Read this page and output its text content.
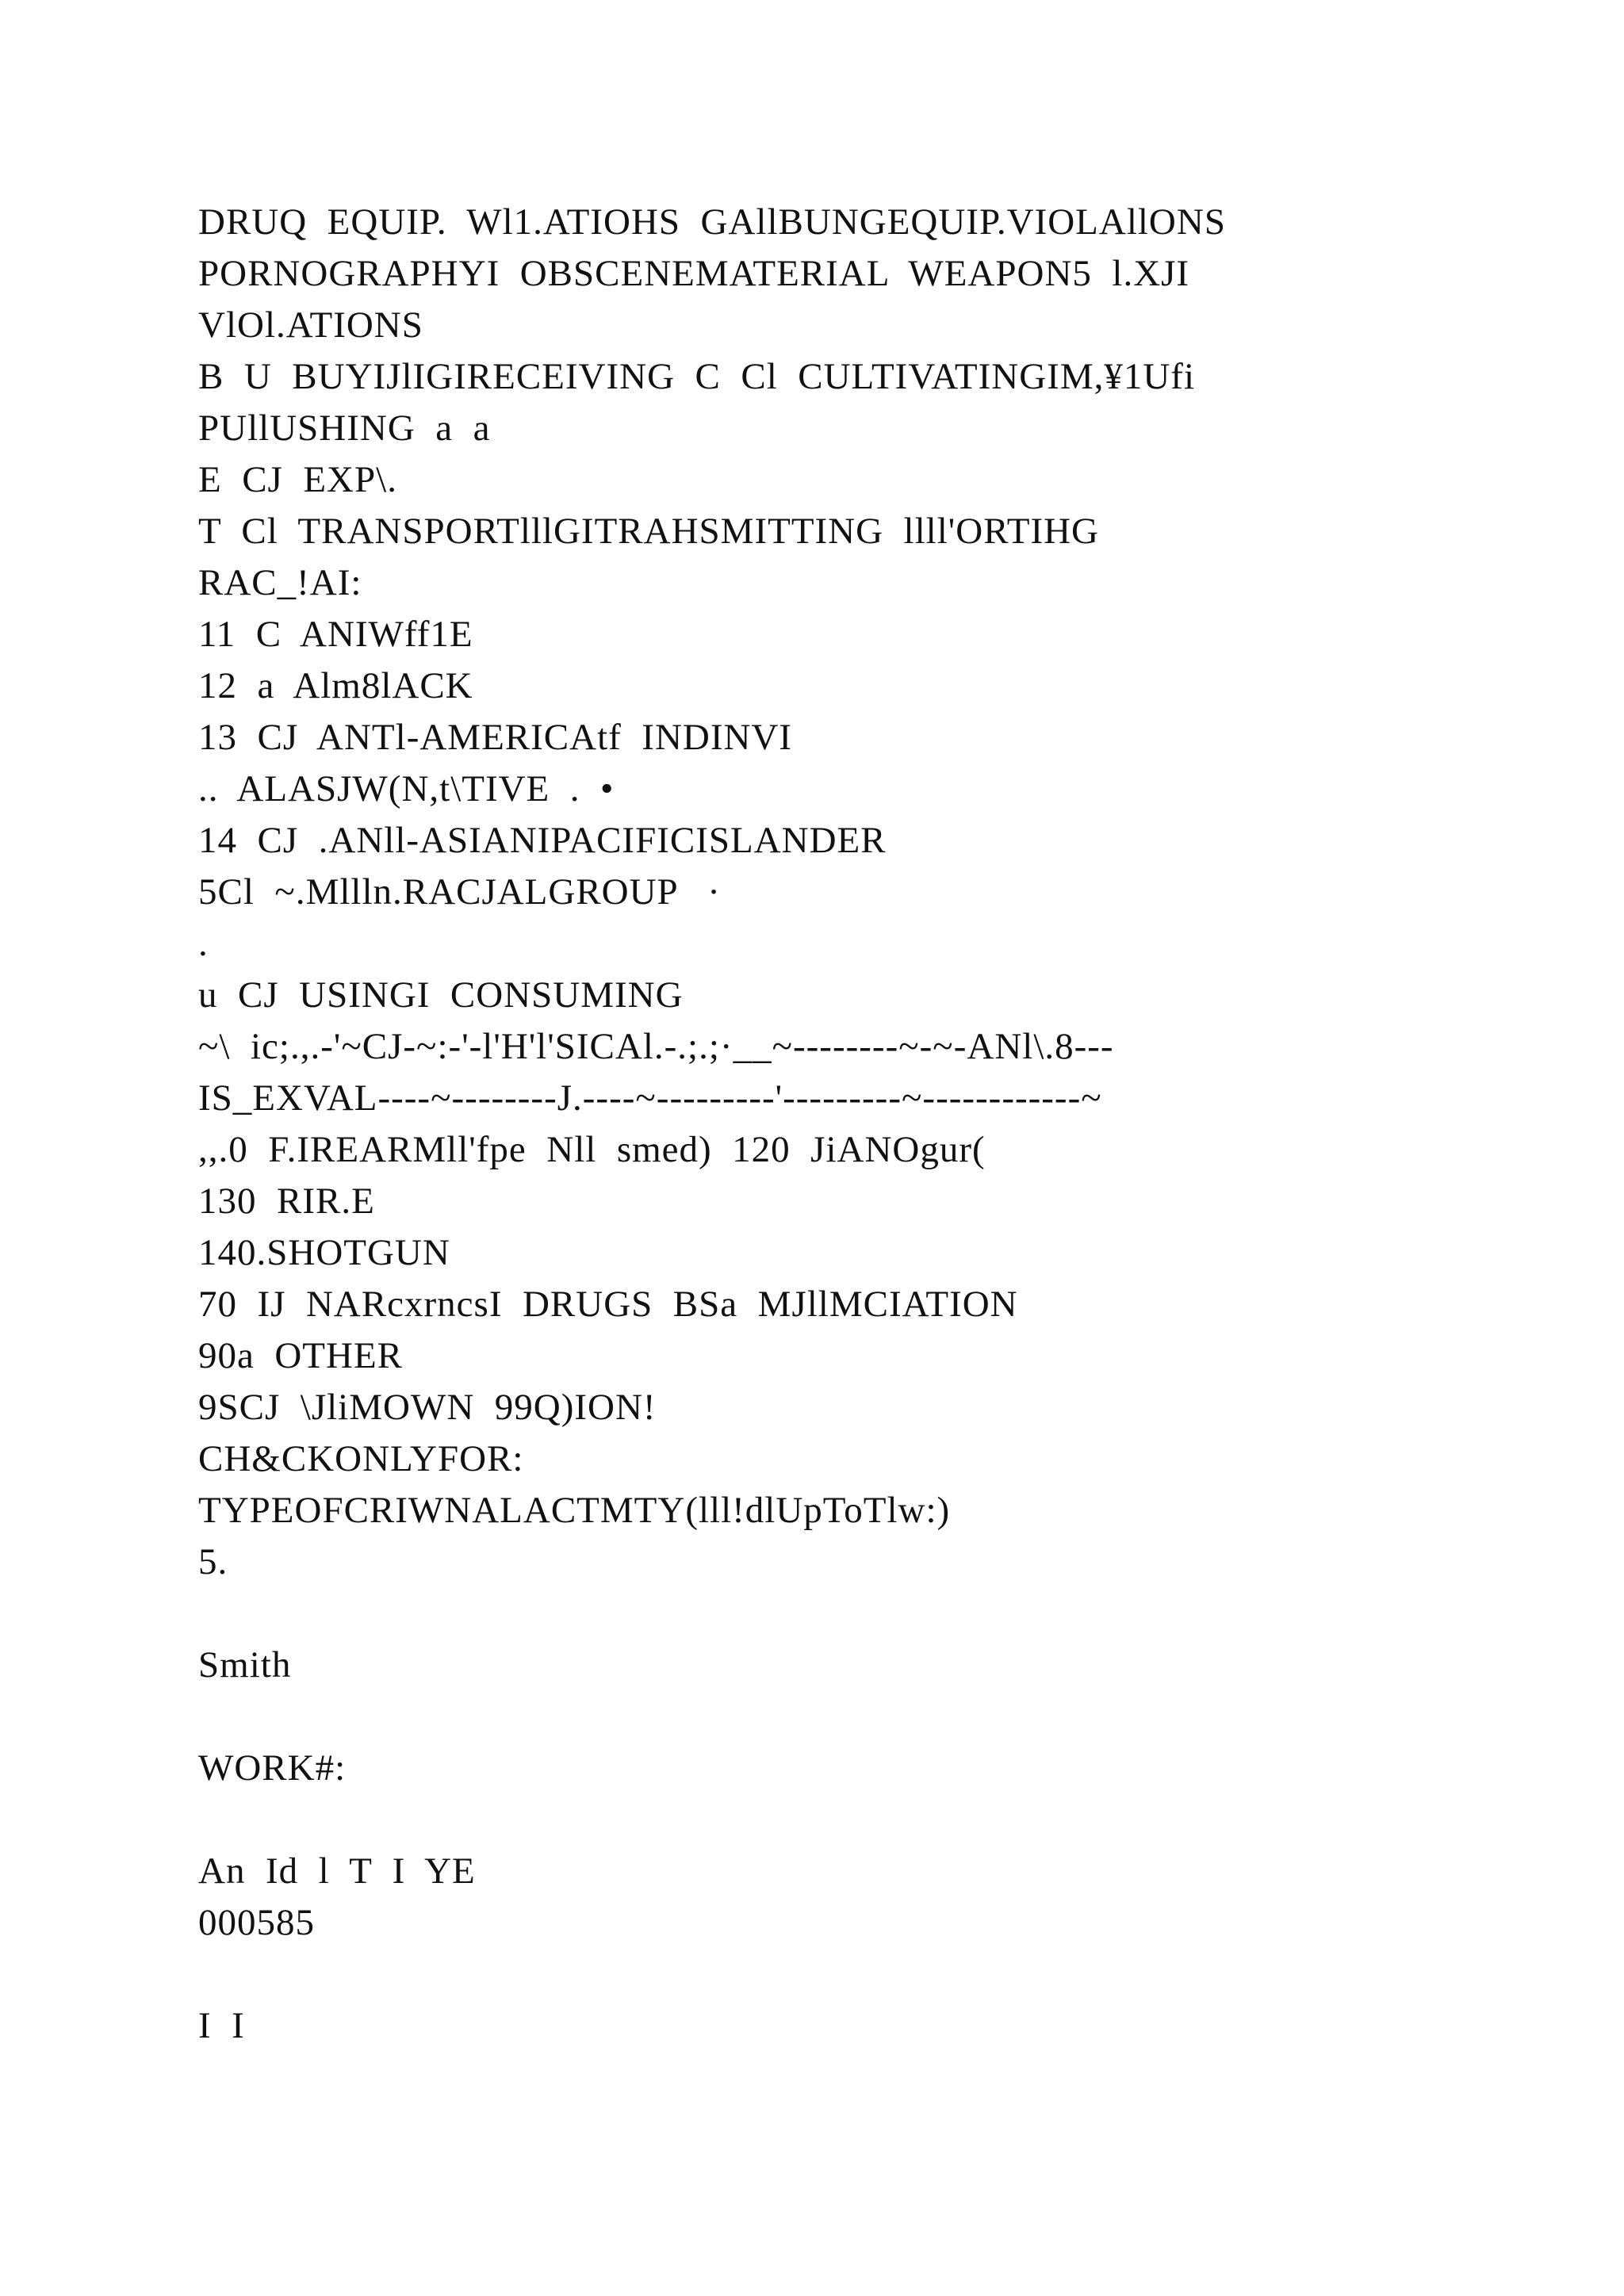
DRUQ  EQUIP.  Wl1.ATIOHS  GAllBUNGEQUIP.VIOLAllONS
PORNOGRAPHYI  OBSCENEMATERIAL  WEAPON5  l.XJI
VlOl.ATIONS
B  U  BUYIJlIGIRECEIVING  C  Cl  CULTIVATINGIM,¥1Ufi
PUllUSHING  a  a
E  CJ  EXP\.
T  Cl  TRANSPORTlllGITRAHSMITTING  llll'ORTIHG
RAC_!AI:
11  C  ANIWff1E
12  a  Alm8lACK
13  CJ  ANTl-AMERICAtf  INDINVI
..  ALASJW(N,t\TIVE  .  •
14  CJ  .ANll-ASIANIPACIFICISLANDER
5Cl  ~.Mllln.RACJALGROUP   ·
.
u  CJ  USINGI  CONSUMING
~\  ic;.,.-'~CJ-~:-'-l'H'l'SICAl.-.;.;·__~--------~-~-ANl\.8---
IS_EXVAL----~--------J.----~---------'---------~------------~
,,.0  F.IREARMll'fpe  Nll  smed)  120  JiANOgur(
130  RIR.E
140.SHOTGUN
70  IJ  NARcxrncsI  DRUGS  BSa  MJllMCIATION
90a  OTHER
9SCJ  \JliMOWN  99Q)ION!
CH&CKONLYFOR:
TYPEOFCRIWNALACTMTY(lll!dlUpToTlw:)
5.
Smith
WORK#:
An  Id  l  T  I  YE
000585
I  I
